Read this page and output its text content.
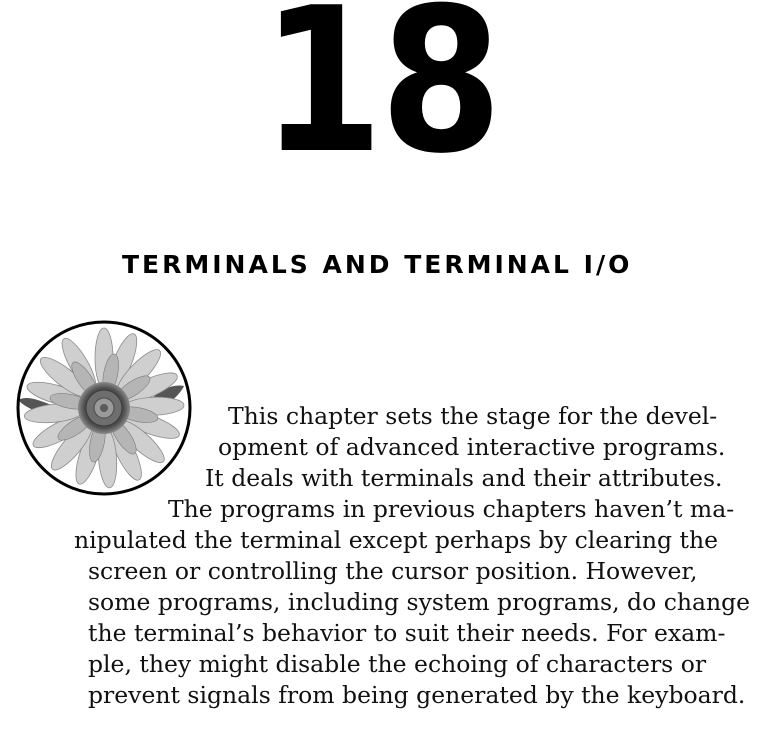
18
TERMINALS AND TERMINAL I/O
This chapter sets the stage for the devel-
opment of advanced interactive programs.
It deals with terminals and their attributes.
The programs in previous chapters haven’t ma-
nipulated the terminal except perhaps by clearing the
screen or controlling the cursor position. However,
some programs, including system programs, do change
the terminal’s behavior to suit their needs. For exam-
ple, they might disable the echoing of characters or
prevent signals from being generated by the keyboard.
